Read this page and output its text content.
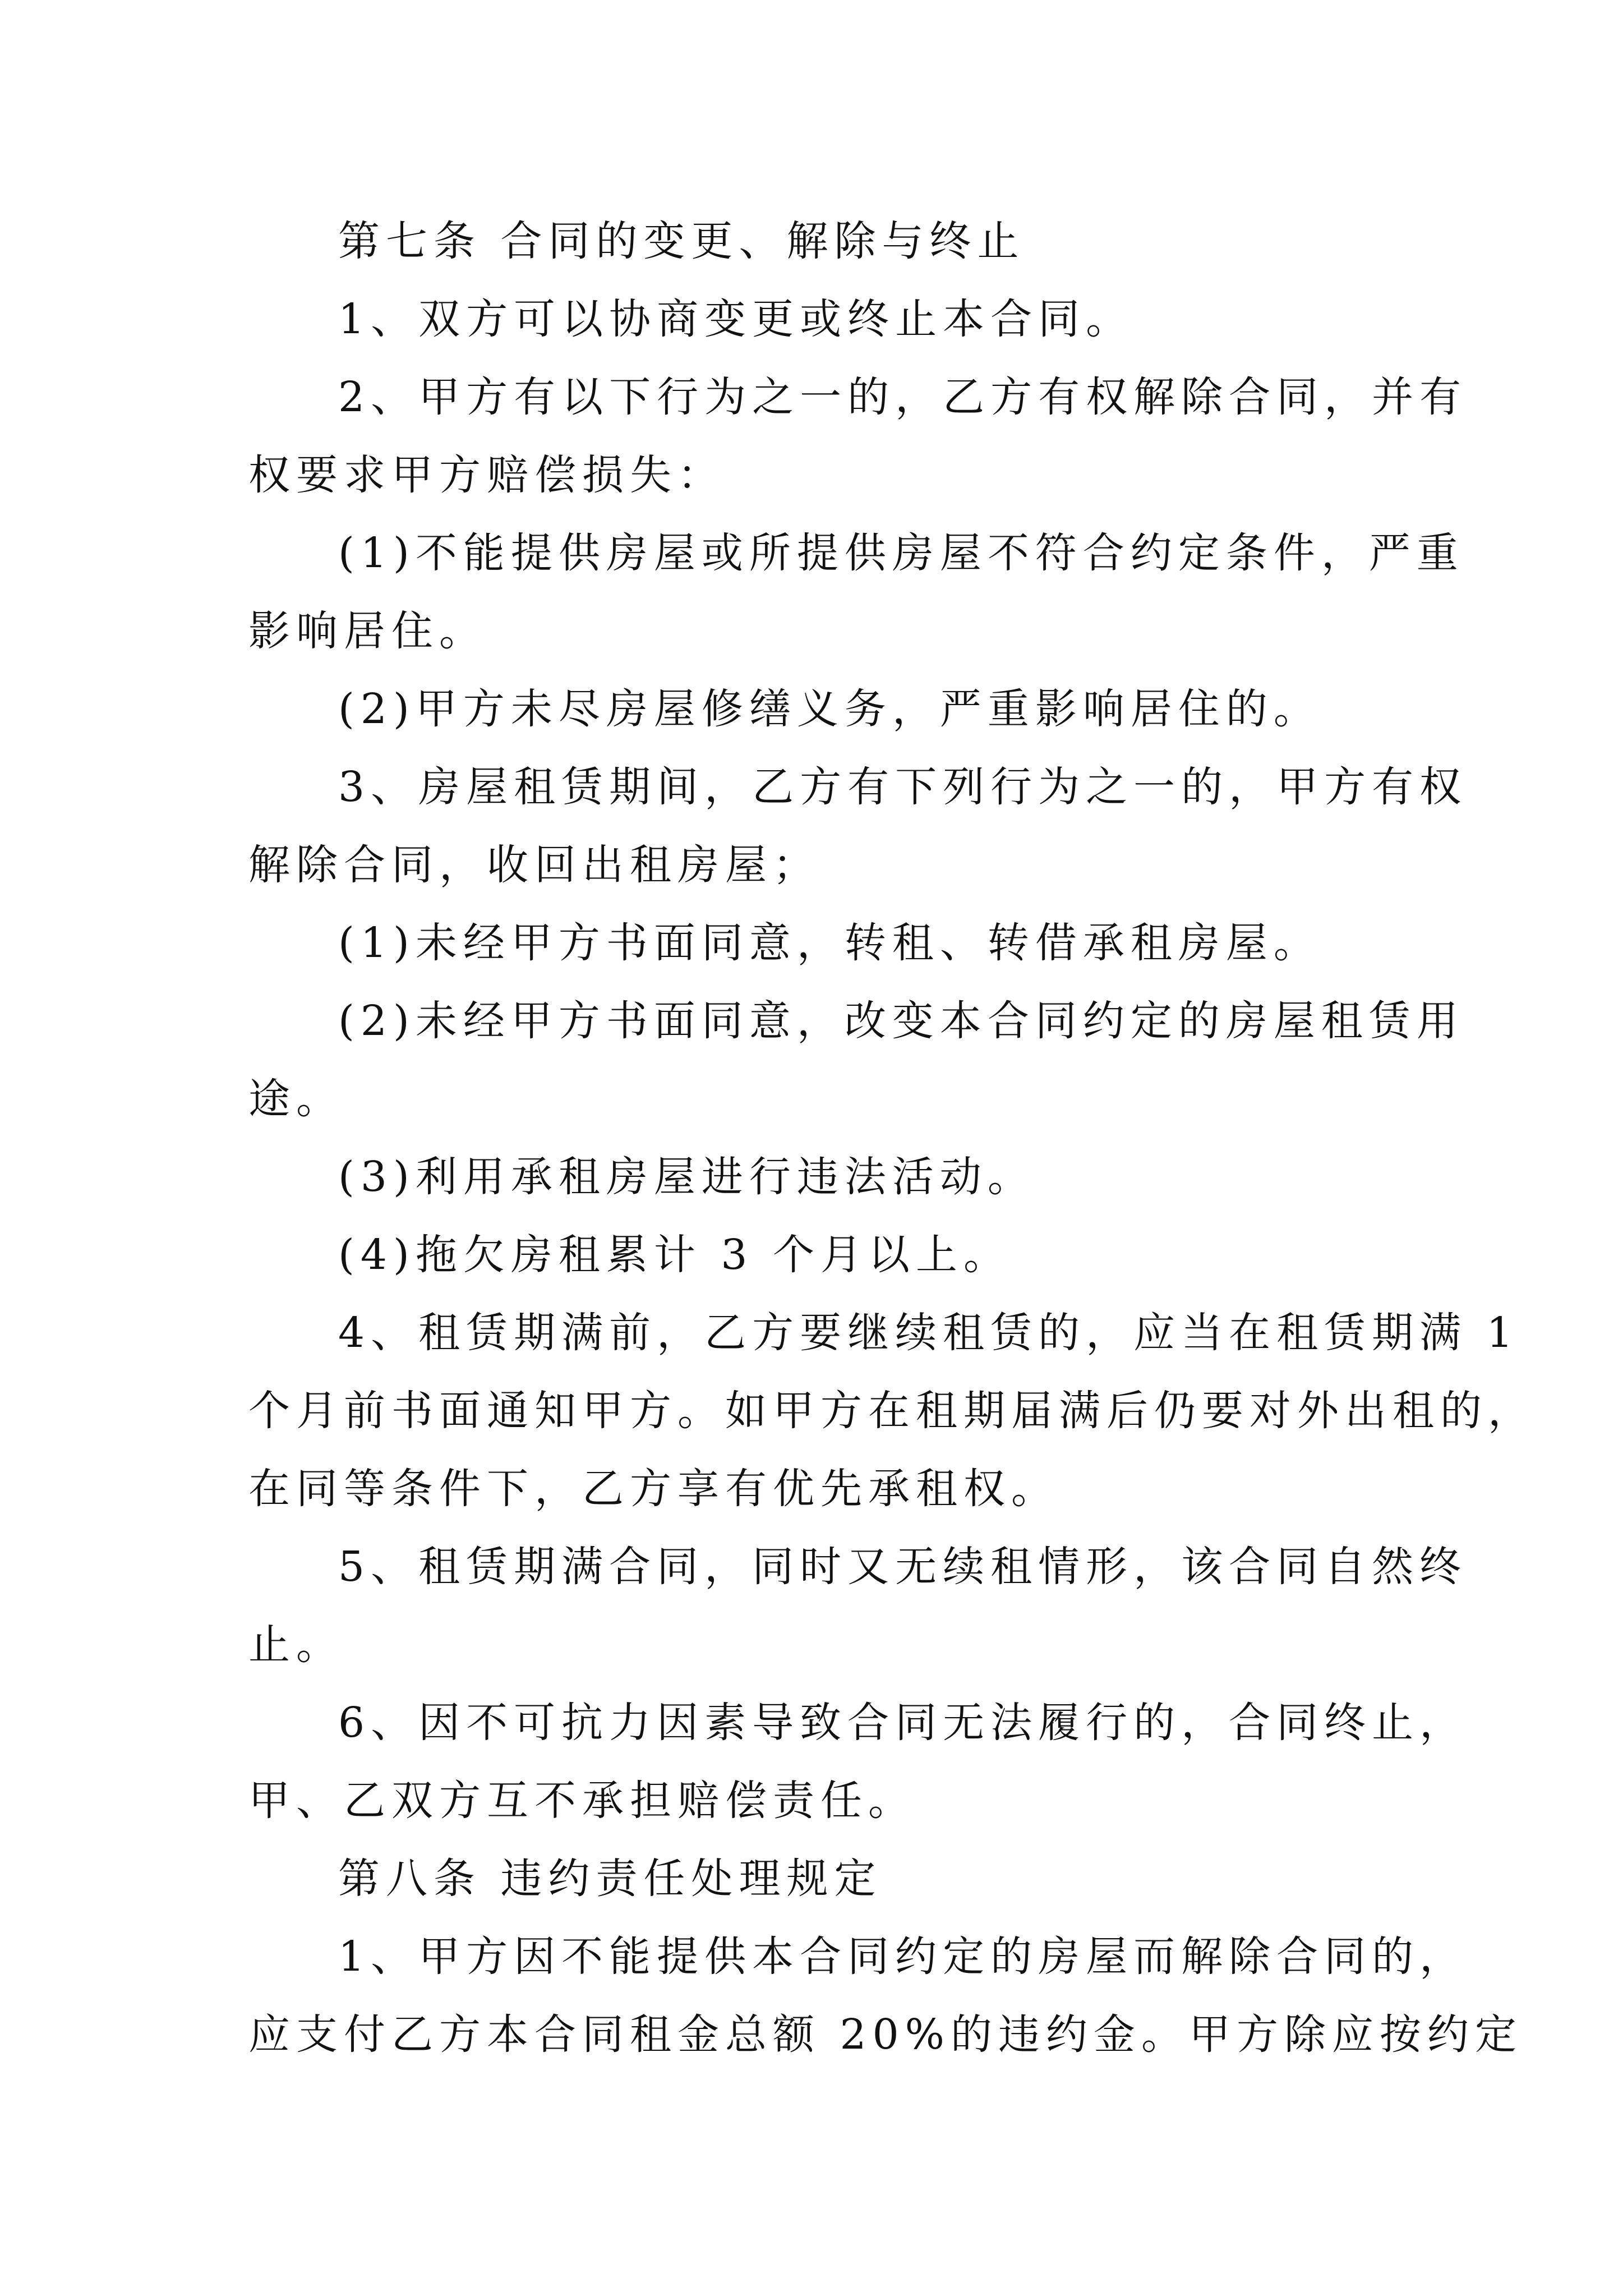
第七条 合同的变更、解除与终止
1、双方可以协商变更或终止本合同。
2、甲方有以下行为之一的，乙方有权解除合同，并有
权要求甲方赔偿损失：
(1)不能提供房屋或所提供房屋不符合约定条件，严重
影响居住。
(2)甲方未尽房屋修缮义务，严重影响居住的。
3、房屋租赁期间，乙方有下列行为之一的，甲方有权
解除合同，收回出租房屋；
(1)未经甲方书面同意，转租、转借承租房屋。
(2)未经甲方书面同意，改变本合同约定的房屋租赁用
途。
(3)利用承租房屋进行违法活动。
(4)拖欠房租累计 3 个月以上。
4、租赁期满前，乙方要继续租赁的，应当在租赁期满 1
个月前书面通知甲方。如甲方在租期届满后仍要对外出租的，
在同等条件下，乙方享有优先承租权。
5、租赁期满合同，同时又无续租情形，该合同自然终
止。
6、因不可抗力因素导致合同无法履行的，合同终止，
甲、乙双方互不承担赔偿责任。
第八条 违约责任处理规定
1、甲方因不能提供本合同约定的房屋而解除合同的，
应支付乙方本合同租金总额 20%的违约金。甲方除应按约定
